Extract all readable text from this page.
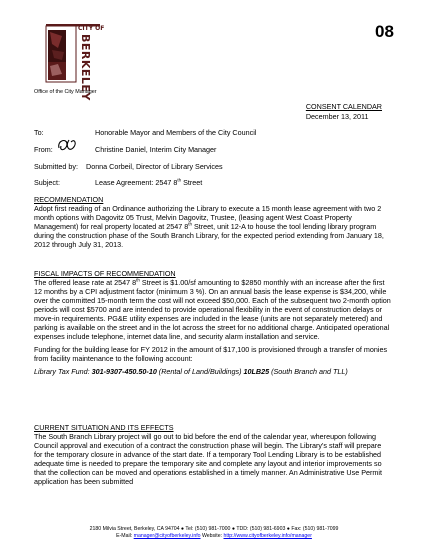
CITY OF
BERKELEY
Office of the City Manager
08
CONSENT CALENDAR
December 13, 2011
To:	Honorable Mayor and Members of the City Council
From:	Christine Daniel, Interim City Manager
Submitted by: Donna Corbeil, Director of Library Services
Subject:	Lease Agreement: 2547 8th Street
RECOMMENDATION

Adopt first reading of an Ordinance authorizing the Library to execute a 15 month lease agreement with two 2 month options with Dagovitz 05 Trust, Melvin Dagovitz, Trustee, (leasing agent West Coast Property Management) for real property located at 2547 8th Street, unit 12-A to house the tool lending library program during the construction phase of the South Branch Library, for the expected period extending from January 18, 2012 through July 31, 2013.

FISCAL IMPACTS OF RECOMMENDATION

The offered lease rate at 2547 8th Street is $1.00/sf amounting to $2850 monthly with an increase after the first 12 months by a CPI adjustment factor (minimum 3 %). On an annual basis the lease expense is $34,200, while over the committed 15-month term the cost will not exceed $50,000. Each of the subsequent two 2-month option periods will cost $5700 and are intended to provide operational flexibility in the event of construction delays or move-in requirements. PG&E utility expenses are included in the lease (units are not separately metered) and parking is available on the street and in the lot across the street for no additional charge. Anticipated operational expenses include telephone, internet data line, and security alarm installation and service.

Funding for the building lease for FY 2012 in the amount of $17,100 is provisioned through a transfer of monies from facility maintenance to the following account:

Library Tax Fund: 301-9307-450.50-10 (Rental of Land/Buildings) 10LB25 (South Branch and TLL)

CURRENT SITUATION AND ITS EFFECTS

The South Branch Library project will go out to bid before the end of the calendar year, whereupon following Council approval and execution of a contract the construction phase will begin. The Library’s staff will prepare for the temporary closure in advance of the start date. If a temporary Tool Lending Library is to be established adequate time is needed to prepare the temporary site and complete any layout and interior improvements so that the collection can be moved and operations established in a timely manner. An Administrative Use Permit application has been submitted

2180 Milvia Street, Berkeley, CA 94704 ● Tel: (510) 981-7000 ● TDD: (510) 981-6903 ● Fax: (510) 981-7099
E-Mail: manager@cityofberkeley.info Website: http://www.cityofberkeley.info/manager
